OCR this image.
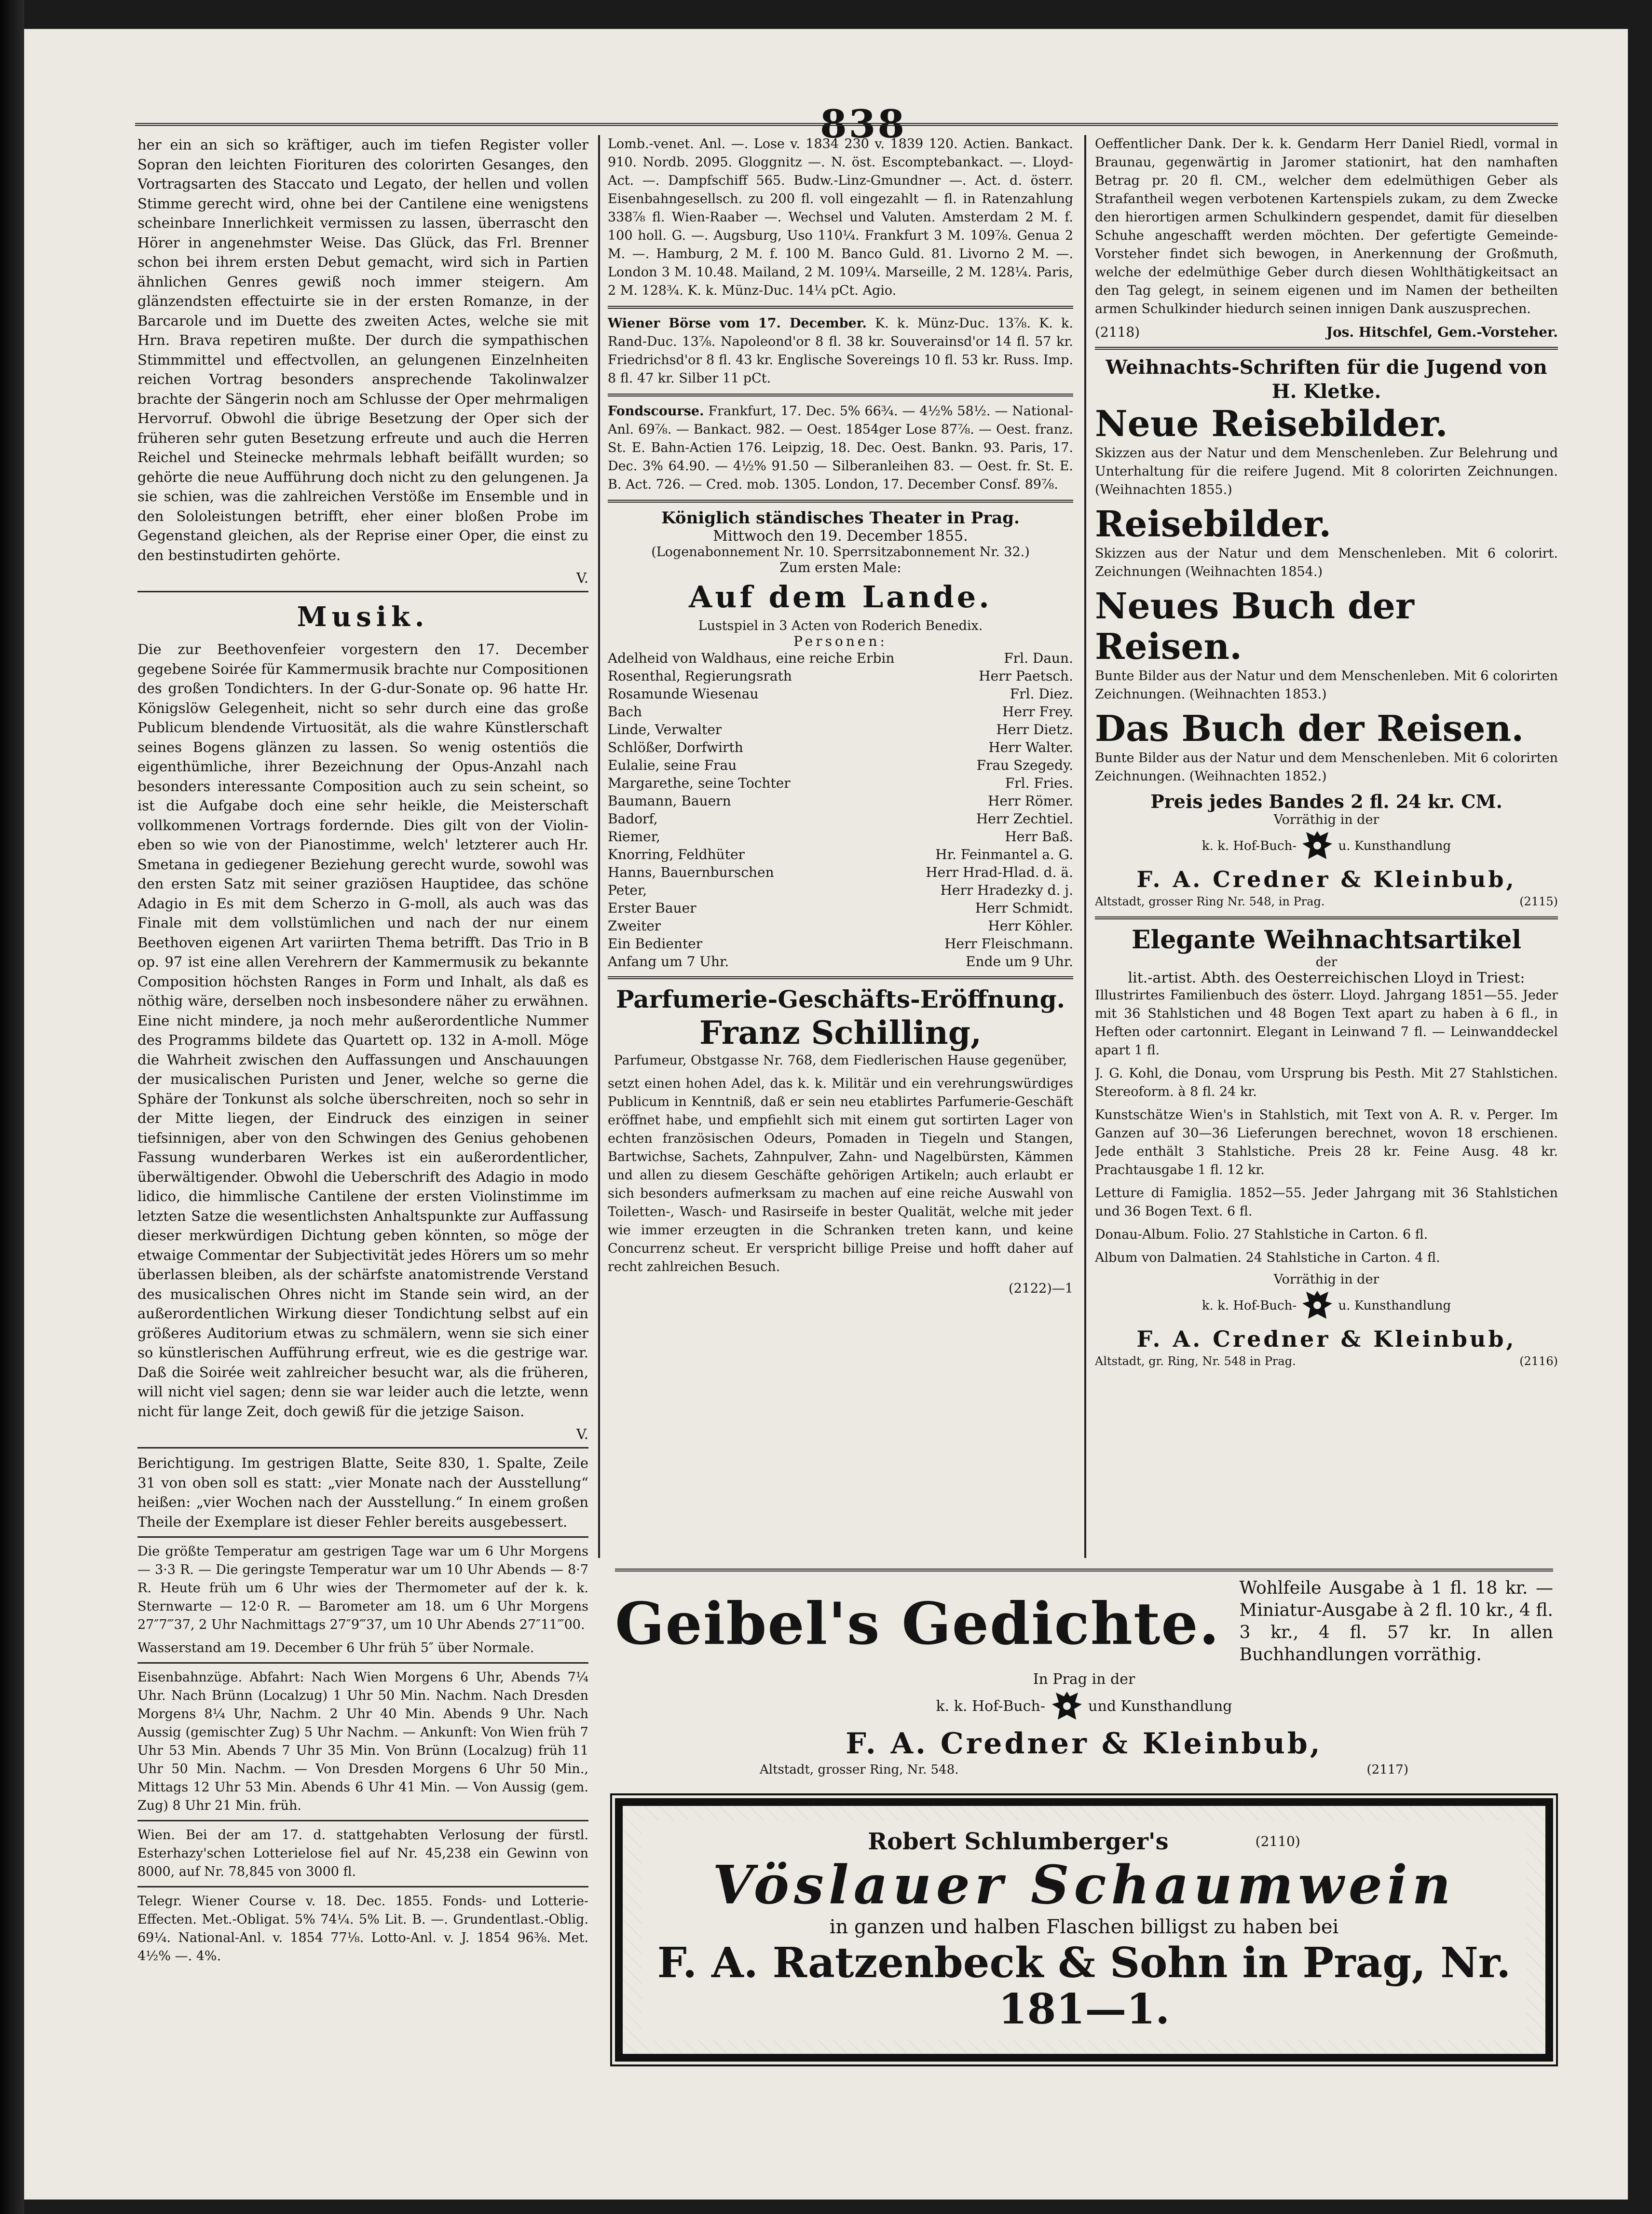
838

her ein an sich so kräftiger, auch im tiefen Register voller Sopran den leichten Fiorituren des colorirten Gesanges, den Vortragsarten des Staccato und Legato, der hellen und vollen Stimme gerecht wird, ohne bei der Cantilene eine wenigstens scheinbare Innerlichkeit vermissen zu lassen, überrascht den Hörer in angenehmster Weise. Das Glück, das Frl. Brenner schon bei ihrem ersten Debut gemacht, wird sich in Partien ähnlichen Genres gewiß noch immer steigern. Am glänzendsten effectuirte sie in der ersten Romanze, in der Barcarole und im Duette des zweiten Actes, welche sie mit Hrn. Brava repetiren mußte. Der durch die sympathischen Stimmmittel und effectvollen, an gelungenen Einzelnheiten reichen Vortrag besonders ansprechende Takolinwalzer brachte der Sängerin noch am Schlusse der Oper mehrmaligen Hervorruf. Obwohl die übrige Besetzung der Oper sich der früheren sehr guten Besetzung erfreute und auch die Herren Reichel und Steinecke mehrmals lebhaft beifällt wurden; so gehörte die neue Aufführung doch nicht zu den gelungenen. Ja sie schien, was die zahlreichen Verstöße im Ensemble und in den Sololeistungen betrifft, eher einer bloßen Probe im Gegenstand gleichen, als der Reprise einer Oper, die einst zu den bestinstudirten gehörte.

V.
Musik.

Die zur Beethovenfeier vorgestern den 17. December gegebene Soirée für Kammermusik brachte nur Compositionen des großen Tondichters. In der G-dur-Sonate op. 96 hatte Hr. Königslöw Gelegenheit, nicht so sehr durch eine das große Publicum blendende Virtuosität, als die wahre Künstlerschaft seines Bogens glänzen zu lassen. So wenig ostentiös die eigenthümliche, ihrer Bezeichnung der Opus-Anzahl nach besonders interessante Composition auch zu sein scheint, so ist die Aufgabe doch eine sehr heikle, die Meisterschaft vollkommenen Vortrags fordernde. Dies gilt von der Violin- eben so wie von der Pianostimme, welch' letzterer auch Hr. Smetana in gediegener Beziehung gerecht wurde, sowohl was den ersten Satz mit seiner graziösen Hauptidee, das schöne Adagio in Es mit dem Scherzo in G-moll, als auch was das Finale mit dem vollstümlichen und nach der nur einem Beethoven eigenen Art variirten Thema betrifft. Das Trio in B op. 97 ist eine allen Verehrern der Kammermusik zu bekannte Composition höchsten Ranges in Form und Inhalt, als daß es nöthig wäre, derselben noch insbesondere näher zu erwähnen. Eine nicht mindere, ja noch mehr außerordentliche Nummer des Programms bildete das Quartett op. 132 in A-moll. Möge die Wahrheit zwischen den Auffassungen und Anschauungen der musicalischen Puristen und Jener, welche so gerne die Sphäre der Tonkunst als solche überschreiten, noch so sehr in der Mitte liegen, der Eindruck des einzigen in seiner tiefsinnigen, aber von den Schwingen des Genius gehobenen Fassung wunderbaren Werkes ist ein außerordentlicher, überwältigender. Obwohl die Ueberschrift des Adagio in modo lidico, die himmlische Cantilene der ersten Violinstimme im letzten Satze die wesentlichsten Anhaltspunkte zur Auffassung dieser merkwürdigen Dichtung geben könnten, so möge der etwaige Commentar der Subjectivität jedes Hörers um so mehr überlassen bleiben, als der schärfste anatomistrende Verstand des musicalischen Ohres nicht im Stande sein wird, an der außerordentlichen Wirkung dieser Tondichtung selbst auf ein größeres Auditorium etwas zu schmälern, wenn sie sich einer so künstlerischen Aufführung erfreut, wie es die gestrige war. Daß die Soirée weit zahlreicher besucht war, als die früheren, will nicht viel sagen; denn sie war leider auch die letzte, wenn nicht für lange Zeit, doch gewiß für die jetzige Saison.

V.

Berichtigung. Im gestrigen Blatte, Seite 830, 1. Spalte, Zeile 31 von oben soll es statt: „vier Monate nach der Ausstellung“ heißen: „vier Wochen nach der Ausstellung.“ In einem großen Theile der Exemplare ist dieser Fehler bereits ausgebessert.

Die größte Temperatur am gestrigen Tage war um 6 Uhr Morgens — 3·3 R. — Die geringste Temperatur war um 10 Uhr Abends — 8·7 R. Heute früh um 6 Uhr wies der Thermometer auf der k. k. Sternwarte — 12·0 R. — Barometer am 18. um 6 Uhr Morgens 27″7‴37, 2 Uhr Nachmittags 27″9‴37, um 10 Uhr Abends 27″11‴00.

Wasserstand am 19. December 6 Uhr früh 5″ über Normale.

Eisenbahnzüge. Abfahrt: Nach Wien Morgens 6 Uhr, Abends 7¼ Uhr. Nach Brünn (Localzug) 1 Uhr 50 Min. Nachm. Nach Dresden Morgens 8¼ Uhr, Nachm. 2 Uhr 40 Min. Abends 9 Uhr. Nach Aussig (gemischter Zug) 5 Uhr Nachm. — Ankunft: Von Wien früh 7 Uhr 53 Min. Abends 7 Uhr 35 Min. Von Brünn (Localzug) früh 11 Uhr 50 Min. Nachm. — Von Dresden Morgens 6 Uhr 50 Min., Mittags 12 Uhr 53 Min. Abends 6 Uhr 41 Min. — Von Aussig (gem. Zug) 8 Uhr 21 Min. früh.

Wien. Bei der am 17. d. stattgehabten Verlosung der fürstl. Esterhazy'schen Lotterielose fiel auf Nr. 45,238 ein Gewinn von 8000, auf Nr. 78,845 von 3000 fl.

Telegr. Wiener Course v. 18. Dec. 1855. Fonds- und Lotterie-Effecten. Met.-Obligat. 5% 74¼. 5% Lit. B. —. Grundentlast.-Oblig. 69¼. National-Anl. v. 1854 77⅛. Lotto-Anl. v. J. 1854 96⅜. Met. 4½% —. 4%.

Lomb.-venet. Anl. —. Lose v. 1834 230 v. 1839 120. Actien. Bankact. 910. Nordb. 2095. Gloggnitz —. N. öst. Escomptebankact. —. Lloyd-Act. —. Dampfschiff 565. Budw.-Linz-Gmundner —. Act. d. österr. Eisenbahngesellsch. zu 200 fl. voll eingezahlt — fl. in Ratenzahlung 338⅞ fl. Wien-Raaber —. Wechsel und Valuten. Amsterdam 2 M. f. 100 holl. G. —. Augsburg, Uso 110¼. Frankfurt 3 M. 109⅞. Genua 2 M. —. Hamburg, 2 M. f. 100 M. Banco Guld. 81. Livorno 2 M. —. London 3 M. 10.48. Mailand, 2 M. 109¼. Marseille, 2 M. 128¼. Paris, 2 M. 128¾. K. k. Münz-Duc. 14¼ pCt. Agio.

Wiener Börse vom 17. December. K. k. Münz-Duc. 13⅞. K. k. Rand-Duc. 13⅞. Napoleond'or 8 fl. 38 kr. Souverainsd'or 14 fl. 57 kr. Friedrichsd'or 8 fl. 43 kr. Englische Sovereings 10 fl. 53 kr. Russ. Imp. 8 fl. 47 kr. Silber 11 pCt.

Fondscourse. Frankfurt, 17. Dec. 5% 66¾. — 4½% 58½. — National-Anl. 69⅞. — Bankact. 982. — Oest. 1854ger Lose 87⅞. — Oest. franz. St. E. Bahn-Actien 176. Leipzig, 18. Dec. Oest. Bankn. 93. Paris, 17. Dec. 3% 64.90. — 4½% 91.50 — Silberanleihen 83. — Oest. fr. St. E. B. Act. 726. — Cred. mob. 1305. London, 17. December Consf. 89⅞.

Königlich ständisches Theater in Prag.
Mittwoch den 19. December 1855.
(Logenabonnement Nr. 10. Sperrsitzabonnement Nr. 32.)
Zum ersten Male:
Auf dem Lande.
Lustspiel in 3 Acten von Roderich Benedix.
Personen:
Adelheid von Waldhaus, eine reiche Erbin	Frl. Daun.
Rosenthal, Regierungsrath	Herr Paetsch.
Rosamunde Wiesenau	Frl. Diez.
Bach	Herr Frey.
Linde, Verwalter	Herr Dietz.
Schlößer, Dorfwirth	Herr Walter.
Eulalie, seine Frau	Frau Szegedy.
Margarethe, seine Tochter	Frl. Fries.
Baumann, Bauern	Herr Römer.
Badorf,	Herr Zechtiel.
Riemer,	Herr Baß.
Knorring, Feldhüter	Hr. Feinmantel a. G.
Hanns, Bauernburschen	Herr Hrad-Hlad. d. ä.
Peter,	Herr Hradezky d. j.
Erster Bauer	Herr Schmidt.
Zweiter	Herr Köhler.
Ein Bedienter	Herr Fleischmann.
Anfang um 7 Uhr.	Ende um 9 Uhr.
Parfumerie-Geschäfts-Eröffnung.
Franz Schilling,

Parfumeur, Obstgasse Nr. 768, dem Fiedlerischen Hause gegenüber,

setzt einen hohen Adel, das k. k. Militär und ein verehrungswürdiges Publicum in Kenntniß, daß er sein neu etablirtes Parfumerie-Geschäft eröffnet habe, und empfiehlt sich mit einem gut sortirten Lager von echten französischen Odeurs, Pomaden in Tiegeln und Stangen, Bartwichse, Sachets, Zahnpulver, Zahn- und Nagelbürsten, Kämmen und allen zu diesem Geschäfte gehörigen Artikeln; auch erlaubt er sich besonders aufmerksam zu machen auf eine reiche Auswahl von Toiletten-, Wasch- und Rasirseife in bester Qualität, welche mit jeder wie immer erzeugten in die Schranken treten kann, und keine Concurrenz scheut. Er verspricht billige Preise und hofft daher auf recht zahlreichen Besuch.

(2122)—1

Oeffentlicher Dank. Der k. k. Gendarm Herr Daniel Riedl, vormal in Braunau, gegenwärtig in Jaromer stationirt, hat den namhaften Betrag pr. 20 fl. CM., welcher dem edelmüthigen Geber als Strafantheil wegen verbotenen Kartenspiels zukam, zu dem Zwecke den hierortigen armen Schulkindern gespendet, damit für dieselben Schuhe angeschafft werden möchten. Der gefertigte Gemeinde-Vorsteher findet sich bewogen, in Anerkennung der Großmuth, welche der edelmüthige Geber durch diesen Wohlthätigkeitsact an den Tag gelegt, in seinem eigenen und im Namen der betheilten armen Schulkinder hiedurch seinen innigen Dank auszusprechen.

(2118)	Jos. Hitschfel, Gem.-Vorsteher.
Weihnachts-Schriften für die Jugend von H. Kletke.
Neue Reisebilder.

Skizzen aus der Natur und dem Menschenleben. Zur Belehrung und Unterhaltung für die reifere Jugend. Mit 8 colorirten Zeichnungen. (Weihnachten 1855.)

Reisebilder.

Skizzen aus der Natur und dem Menschenleben. Mit 6 colorirt. Zeichnungen (Weihnachten 1854.)

Neues Buch der Reisen.

Bunte Bilder aus der Natur und dem Menschenleben. Mit 6 colorirten Zeichnungen. (Weihnachten 1853.)

Das Buch der Reisen.

Bunte Bilder aus der Natur und dem Menschenleben. Mit 6 colorirten Zeichnungen. (Weihnachten 1852.)

Preis jedes Bandes 2 fl. 24 kr. CM.
Vorräthig in der
k. k. Hof-Buch-	u. Kunsthandlung
F. A. Credner & Kleinbub,
Altstadt, grosser Ring Nr. 548, in Prag.	(2115)
Elegante Weihnachtsartikel
der
lit.-artist. Abth. des Oesterreichischen Lloyd in Triest:

Illustrirtes Familienbuch des österr. Lloyd. Jahrgang 1851—55. Jeder mit 36 Stahlstichen und 48 Bogen Text apart zu haben à 6 fl., in Heften oder cartonnirt. Elegant in Leinwand 7 fl. — Leinwanddeckel apart 1 fl.

J. G. Kohl, die Donau, vom Ursprung bis Pesth. Mit 27 Stahlstichen. Stereoform. à 8 fl. 24 kr.

Kunstschätze Wien's in Stahlstich, mit Text von A. R. v. Perger. Im Ganzen auf 30—36 Lieferungen berechnet, wovon 18 erschienen. Jede enthält 3 Stahlstiche. Preis 28 kr. Feine Ausg. 48 kr. Prachtausgabe 1 fl. 12 kr.

Letture di Famiglia. 1852—55. Jeder Jahrgang mit 36 Stahlstichen und 36 Bogen Text. 6 fl.

Donau-Album. Folio. 27 Stahlstiche in Carton. 6 fl.

Album von Dalmatien. 24 Stahlstiche in Carton. 4 fl.

Vorräthig in der
k. k. Hof-Buch-	u. Kunsthandlung
F. A. Credner & Kleinbub,
Altstadt, gr. Ring, Nr. 548 in Prag.	(2116)
Geibel's Gedichte.

Wohlfeile Ausgabe à 1 fl. 18 kr. — Miniatur-Ausgabe à 2 fl. 10 kr., 4 fl. 3 kr., 4 fl. 57 kr. In allen Buchhandlungen vorräthig.

In Prag in der
k. k. Hof-Buch-	und Kunsthandlung
F. A. Credner & Kleinbub,
Altstadt, grosser Ring, Nr. 548.	(2117)
Robert Schlumberger's	(2110)
Vöslauer Schaumwein
in ganzen und halben Flaschen billigst zu haben bei
F. A. Ratzenbeck & Sohn in Prag, Nr. 181—1.
